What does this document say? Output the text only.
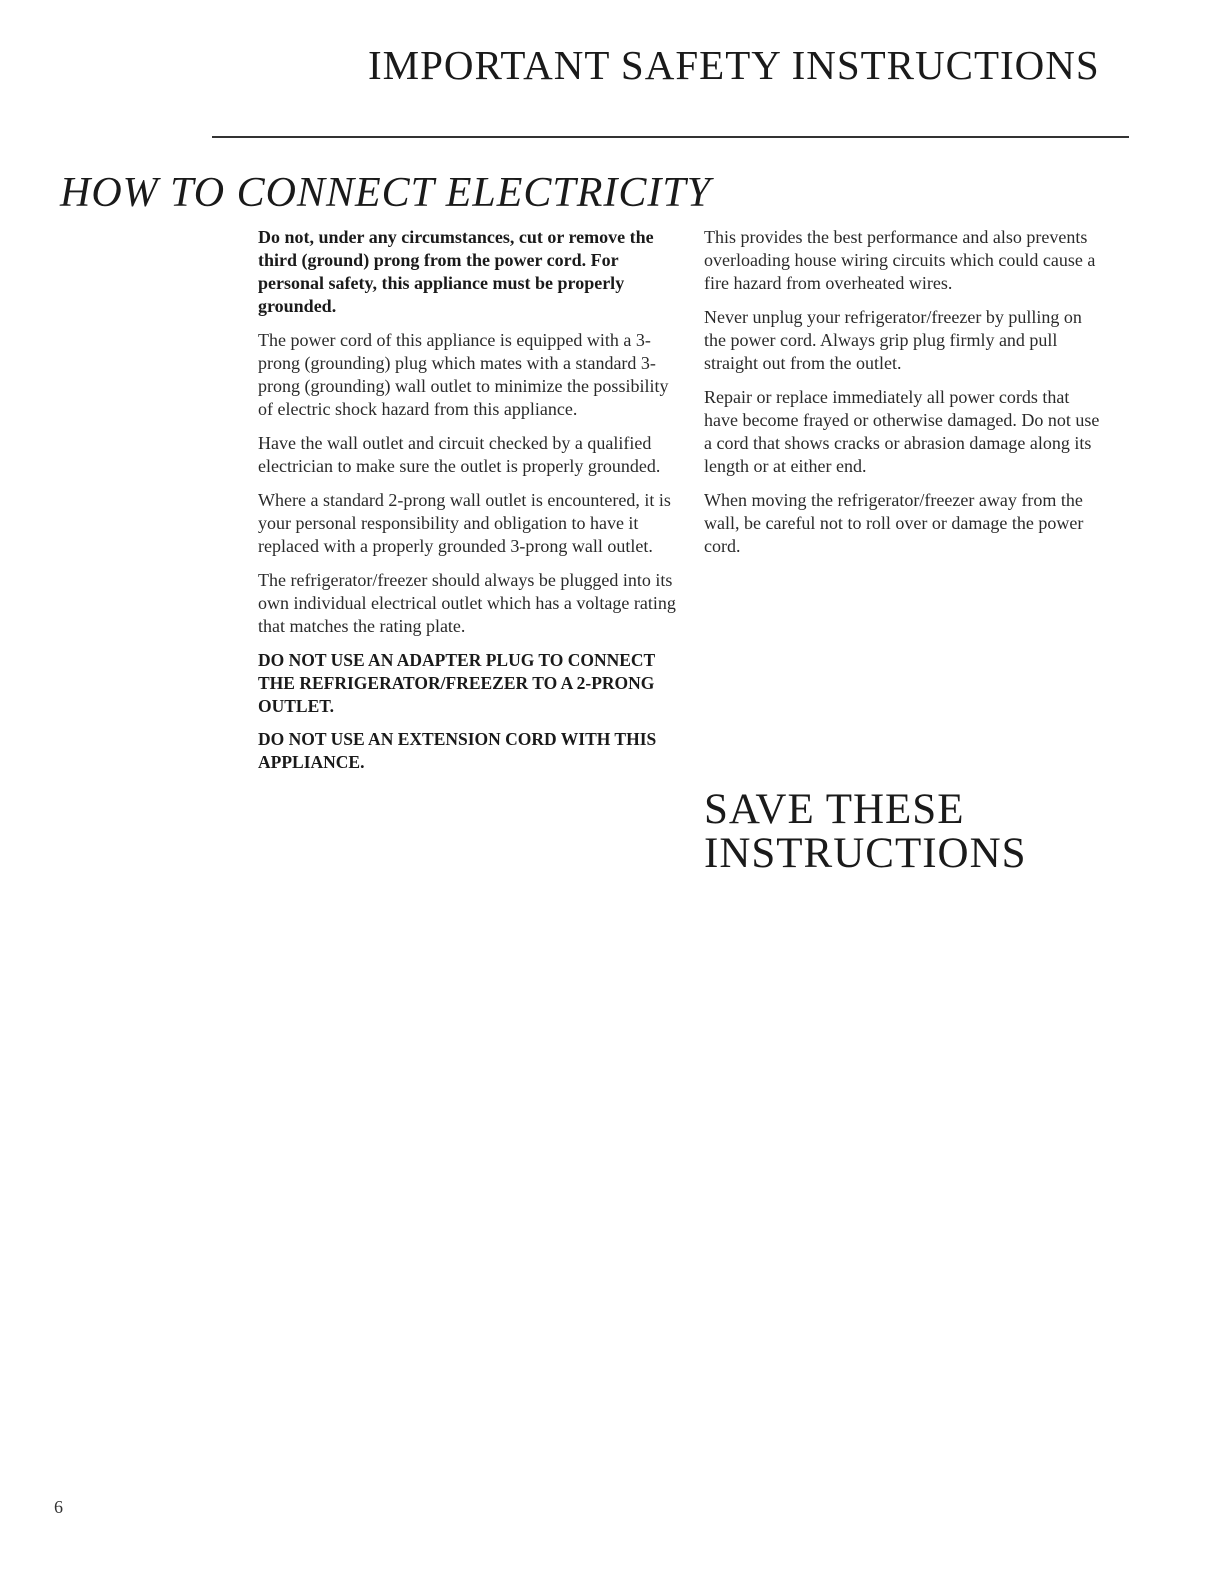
IMPORTANT SAFETY INSTRUCTIONS
HOW TO CONNECT ELECTRICITY

Do not, under any circumstances, cut or remove the third (ground) prong from the power cord. For personal safety, this appliance must be properly grounded.

The power cord of this appliance is equipped with a 3-prong (grounding) plug which mates with a standard 3-prong (grounding) wall outlet to minimize the possibility of electric shock hazard from this appliance.

Have the wall outlet and circuit checked by a qualified electrician to make sure the outlet is properly grounded.

Where a standard 2-prong wall outlet is encountered, it is your personal responsibility and obligation to have it replaced with a properly grounded 3-prong wall outlet.

The refrigerator/freezer should always be plugged into its own individual electrical outlet which has a voltage rating that matches the rating plate.

DO NOT USE AN ADAPTER PLUG TO CONNECT THE REFRIGERATOR/FREEZER TO A 2-PRONG OUTLET.

DO NOT USE AN EXTENSION CORD WITH THIS APPLIANCE.

This provides the best performance and also prevents overloading house wiring circuits which could cause a fire hazard from overheated wires.

Never unplug your refrigerator/freezer by pulling on the power cord. Always grip plug firmly and pull straight out from the outlet.

Repair or replace immediately all power cords that have become frayed or otherwise damaged. Do not use a cord that shows cracks or abrasion damage along its length or at either end.

When moving the refrigerator/freezer away from the wall, be careful not to roll over or damage the power cord.

SAVE THESE
INSTRUCTIONS
6
